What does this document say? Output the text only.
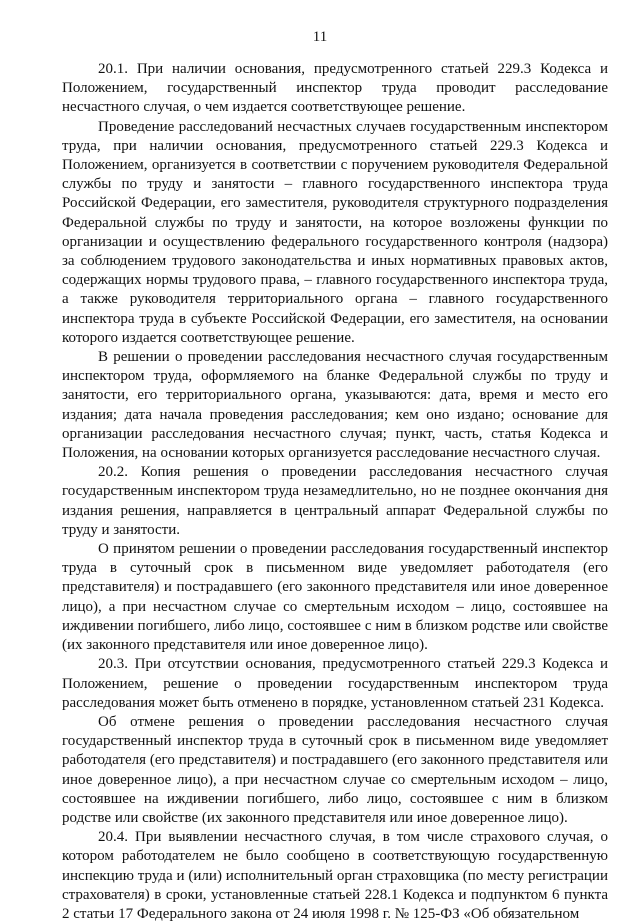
11

20.1. При наличии основания, предусмотренного статьей 229.3 Кодекса и Положением, государственный инспектор труда проводит расследование несчастного случая, о чем издается соответствующее решение.

Проведение расследований несчастных случаев государственным инспектором труда, при наличии основания, предусмотренного статьей 229.3 Кодекса и Положением, организуется в соответствии с поручением руководителя Федеральной службы по труду и занятости – главного государственного инспектора труда Российской Федерации, его заместителя, руководителя структурного подразделения Федеральной службы по труду и занятости, на которое возложены функции по организации и осуществлению федерального государственного контроля (надзора) за соблюдением трудового законодательства и иных нормативных правовых актов, содержащих нормы трудового права, – главного государственного инспектора труда, а также руководителя территориального органа – главного государственного инспектора труда в субъекте Российской Федерации, его заместителя, на основании которого издается соответствующее решение.

В решении о проведении расследования несчастного случая государственным инспектором труда, оформляемого на бланке Федеральной службы по труду и занятости, его территориального органа, указываются: дата, время и место его издания; дата начала проведения расследования; кем оно издано; основание для организации расследования несчастного случая; пункт, часть, статья Кодекса и Положения, на основании которых организуется расследование несчастного случая.

20.2. Копия решения о проведении расследования несчастного случая государственным инспектором труда незамедлительно, но не позднее окончания дня издания решения, направляется в центральный аппарат Федеральной службы по труду и занятости.

О принятом решении о проведении расследования государственный инспектор труда в суточный срок в письменном виде уведомляет работодателя (его представителя) и пострадавшего (его законного представителя или иное доверенное лицо), а при несчастном случае со смертельным исходом – лицо, состоявшее на иждивении погибшего, либо лицо, состоявшее с ним в близком родстве или свойстве (их законного представителя или иное доверенное лицо).

20.3. При отсутствии основания, предусмотренного статьей 229.3 Кодекса и Положением, решение о проведении государственным инспектором труда расследования может быть отменено в порядке, установленном статьей 231 Кодекса.

Об отмене решения о проведении расследования несчастного случая государственный инспектор труда в суточный срок в письменном виде уведомляет работодателя (его представителя) и пострадавшего (его законного представителя или иное доверенное лицо), а при несчастном случае со смертельным исходом – лицо, состоявшее на иждивении погибшего, либо лицо, состоявшее с ним в близком родстве или свойстве (их законного представителя или иное доверенное лицо).

20.4. При выявлении несчастного случая, в том числе страхового случая, о котором работодателем не было сообщено в соответствующую государственную инспекцию труда и (или) исполнительный орган страховщика (по месту регистрации страхователя) в сроки, установленные статьей 228.1 Кодекса и подпунктом 6 пункта 2 статьи 17 Федерального закона от 24 июля 1998 г. № 125-ФЗ «Об обязательном
